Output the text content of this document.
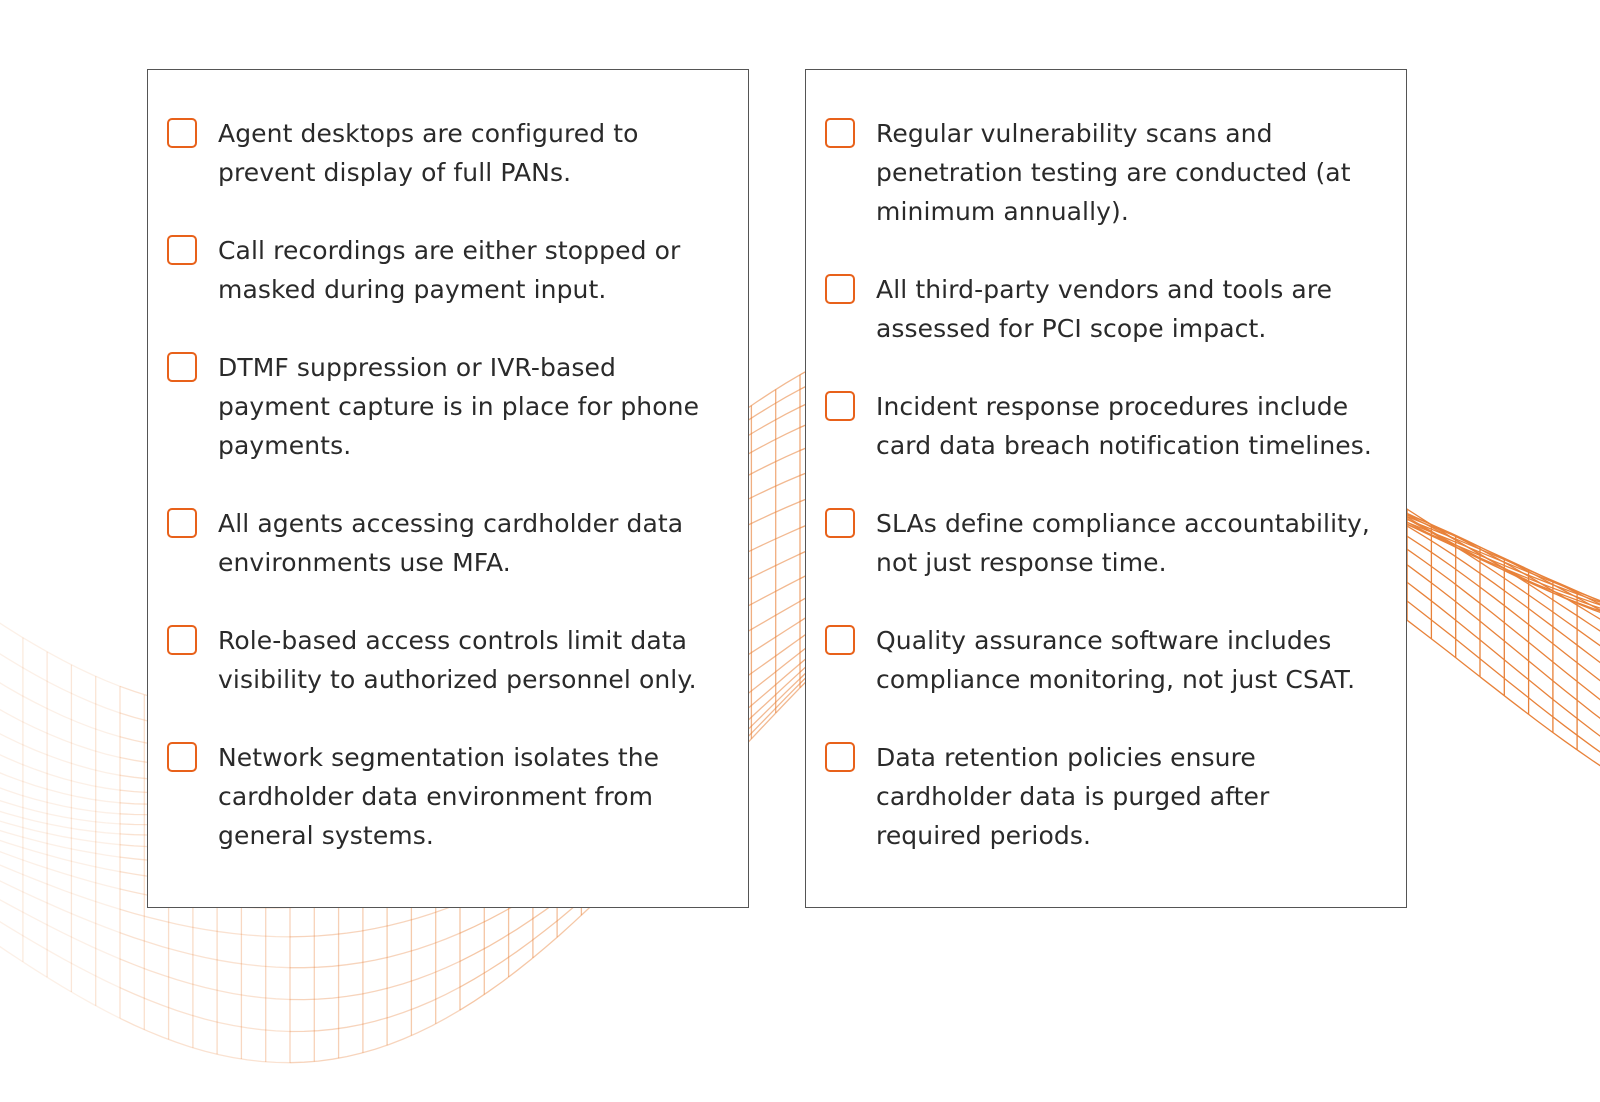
Agent desktops are configured to prevent display of full PANs.
Call recordings are either stopped or masked during payment input.
DTMF suppression or IVR-based payment capture is in place for phone payments.
All agents accessing cardholder data environments use MFA.
Role-based access controls limit data visibility to authorized personnel only.
Network segmentation isolates the cardholder data environment from general systems.
Regular vulnerability scans and penetration testing are conducted (at minimum annually).
All third-party vendors and tools are assessed for PCI scope impact.
Incident response procedures include card data breach notification timelines.
SLAs define compliance accountability, not just response time.
Quality assurance software includes compliance monitoring, not just CSAT.
Data retention policies ensure cardholder data is purged after required periods.
